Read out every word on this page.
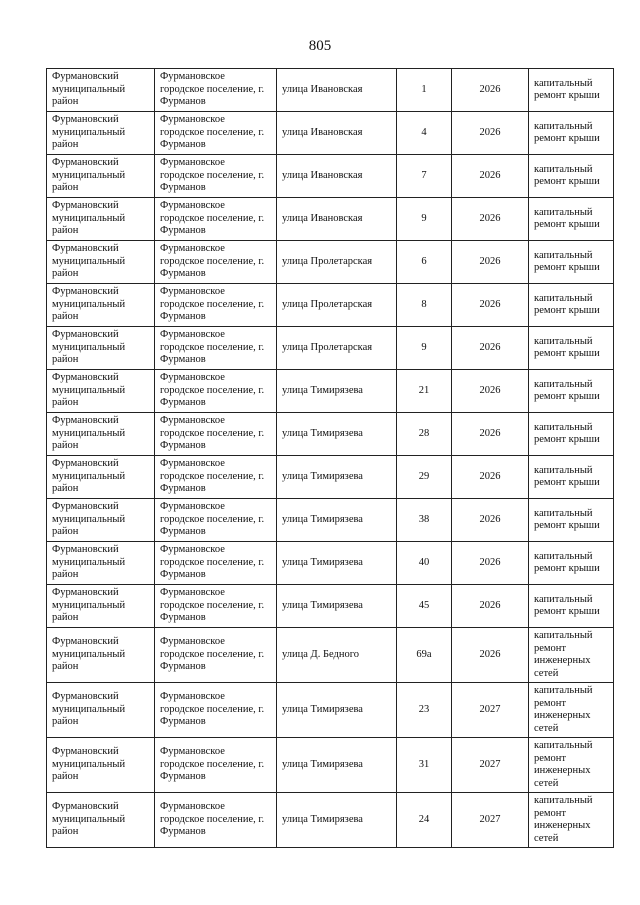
805
Фурмановский муниципальный район	Фурмановское городское поселение, г. Фурманов	улица Ивановская	1	2026	капитальный ремонт крыши
Фурмановский муниципальный район	Фурмановское городское поселение, г. Фурманов	улица Ивановская	4	2026	капитальный ремонт крыши
Фурмановский муниципальный район	Фурмановское городское поселение, г. Фурманов	улица Ивановская	7	2026	капитальный ремонт крыши
Фурмановский муниципальный район	Фурмановское городское поселение, г. Фурманов	улица Ивановская	9	2026	капитальный ремонт крыши
Фурмановский муниципальный район	Фурмановское городское поселение, г. Фурманов	улица Пролетарская	6	2026	капитальный ремонт крыши
Фурмановский муниципальный район	Фурмановское городское поселение, г. Фурманов	улица Пролетарская	8	2026	капитальный ремонт крыши
Фурмановский муниципальный район	Фурмановское городское поселение, г. Фурманов	улица Пролетарская	9	2026	капитальный ремонт крыши
Фурмановский муниципальный район	Фурмановское городское поселение, г. Фурманов	улица Тимирязева	21	2026	капитальный ремонт крыши
Фурмановский муниципальный район	Фурмановское городское поселение, г. Фурманов	улица Тимирязева	28	2026	капитальный ремонт крыши
Фурмановский муниципальный район	Фурмановское городское поселение, г. Фурманов	улица Тимирязева	29	2026	капитальный ремонт крыши
Фурмановский муниципальный район	Фурмановское городское поселение, г. Фурманов	улица Тимирязева	38	2026	капитальный ремонт крыши
Фурмановский муниципальный район	Фурмановское городское поселение, г. Фурманов	улица Тимирязева	40	2026	капитальный ремонт крыши
Фурмановский муниципальный район	Фурмановское городское поселение, г. Фурманов	улица Тимирязева	45	2026	капитальный ремонт крыши
Фурмановский муниципальный район	Фурмановское городское поселение, г. Фурманов	улица Д. Бедного	69а	2026	капитальный ремонт инженерных сетей
Фурмановский муниципальный район	Фурмановское городское поселение, г. Фурманов	улица Тимирязева	23	2027	капитальный ремонт инженерных сетей
Фурмановский муниципальный район	Фурмановское городское поселение, г. Фурманов	улица Тимирязева	31	2027	капитальный ремонт инженерных сетей
Фурмановский муниципальный район	Фурмановское городское поселение, г. Фурманов	улица Тимирязева	24	2027	капитальный ремонт инженерных сетей
